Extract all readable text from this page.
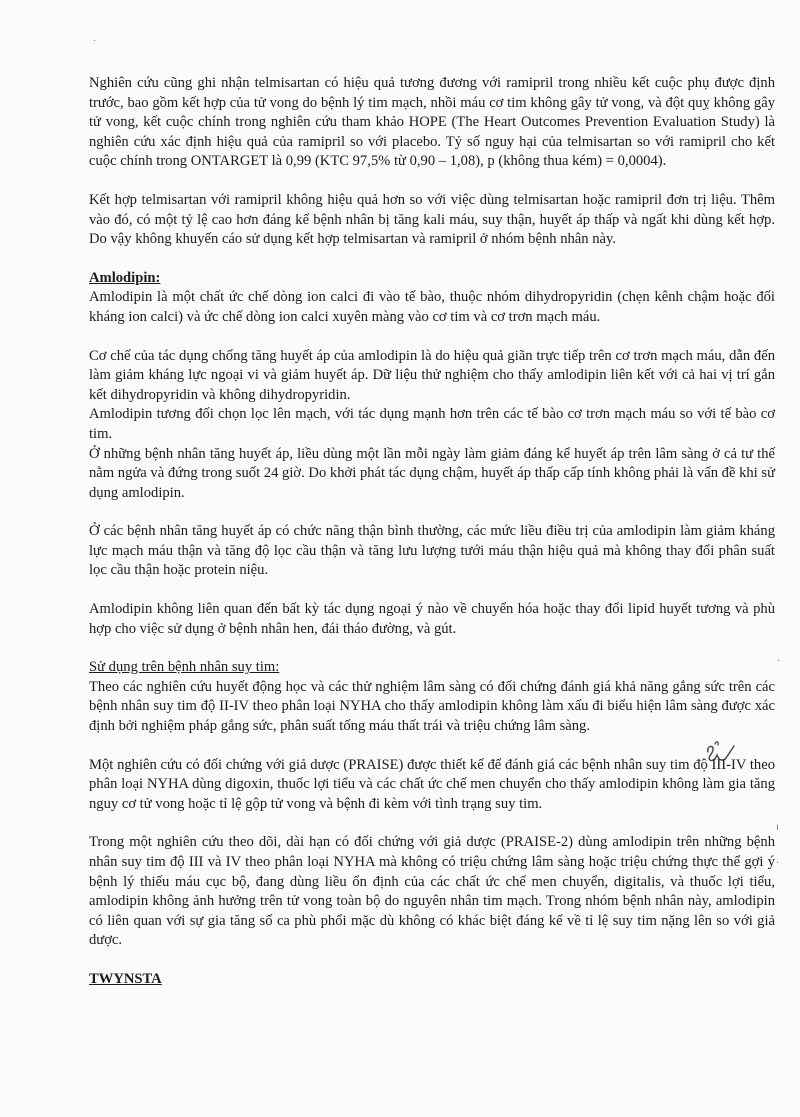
·
·
ı
·

Nghiên cứu cũng ghi nhận telmisartan có hiệu quả tương đương với ramipril trong nhiều kết cuộc phụ được định trước, bao gồm kết hợp của tử vong do bệnh lý tim mạch, nhồi máu cơ tim không gây tử vong, và đột quỵ không gây tử vong, kết cuộc chính trong nghiên cứu tham khảo HOPE (The Heart Outcomes Prevention Evaluation Study) là nghiên cứu xác định hiệu quả của ramipril so với placebo. Tỷ số nguy hại của telmisartan so với ramipril cho kết cuộc chính trong ONTARGET là 0,99 (KTC 97,5% từ 0,90 – 1,08), p (không thua kém) = 0,0004).

Kết hợp telmisartan với ramipril không hiệu quả hơn so với việc dùng telmisartan hoặc ramipril đơn trị liệu. Thêm vào đó, có một tỷ lệ cao hơn đáng kể bệnh nhân bị tăng kali máu, suy thận, huyết áp thấp và ngất khi dùng kết hợp. Do vậy không khuyến cáo sử dụng kết hợp telmisartan và ramipril ở nhóm bệnh nhân này.

Amlodipin:

Amlodipin là một chất ức chế dòng ion calci đi vào tế bào, thuộc nhóm dihydropyridin (chẹn kênh chậm hoặc đối kháng ion calci) và ức chế dòng ion calci xuyên màng vào cơ tim và cơ trơn mạch máu.

Cơ chế của tác dụng chống tăng huyết áp của amlodipin là do hiệu quả giãn trực tiếp trên cơ trơn mạch máu, dẫn đến làm giảm kháng lực ngoại vi và giảm huyết áp. Dữ liệu thử nghiệm cho thấy amlodipin liên kết với cả hai vị trí gắn kết dihydropyridin và không dihydropyridin.

Amlodipin tương đối chọn lọc lên mạch, với tác dụng mạnh hơn trên các tế bào cơ trơn mạch máu so với tế bào cơ tim.

Ở những bệnh nhân tăng huyết áp, liều dùng một lần mỗi ngày làm giảm đáng kể huyết áp trên lâm sàng ở cả tư thế nằm ngửa và đứng trong suốt 24 giờ. Do khởi phát tác dụng chậm, huyết áp thấp cấp tính không phải là vấn đề khi sử dụng amlodipin.

Ở các bệnh nhân tăng huyết áp có chức năng thận bình thường, các mức liều điều trị của amlodipin làm giảm kháng lực mạch máu thận và tăng độ lọc cầu thận và tăng lưu lượng tưới máu thận hiệu quả mà không thay đổi phân suất lọc cầu thận hoặc protein niệu.

Amlodipin không liên quan đến bất kỳ tác dụng ngoại ý nào về chuyển hóa hoặc thay đổi lipid huyết tương và phù hợp cho việc sử dụng ở bệnh nhân hen, đái tháo đường, và gút.

Sử dụng trên bệnh nhân suy tim:

Theo các nghiên cứu huyết động học và các thử nghiệm lâm sàng có đối chứng đánh giá khả năng gắng sức trên các bệnh nhân suy tim độ II-IV theo phân loại NYHA cho thấy amlodipin không làm xấu đi biểu hiện lâm sàng được xác định bởi nghiệm pháp gắng sức, phân suất tống máu thất trái và triệu chứng lâm sàng.

Một nghiên cứu có đối chứng với giả dược (PRAISE) được thiết kế để đánh giá các bệnh nhân suy tim độ III-IV theo phân loại NYHA dùng digoxin, thuốc lợi tiểu và các chất ức chế men chuyển cho thấy amlodipin không làm gia tăng nguy cơ tử vong hoặc tỉ lệ gộp tử vong và bệnh đi kèm với tình trạng suy tim.

Trong một nghiên cứu theo dõi, dài hạn có đối chứng với giả dược (PRAISE-2) dùng amlodipin trên những bệnh nhân suy tim độ III và IV theo phân loại NYHA mà không có triệu chứng lâm sàng hoặc triệu chứng thực thể gợi ý bệnh lý thiếu máu cục bộ, đang dùng liều ổn định của các chất ức chế men chuyển, digitalis, và thuốc lợi tiểu, amlodipin không ảnh hưởng trên tử vong toàn bộ do nguyên nhân tim mạch. Trong nhóm bệnh nhân này, amlodipin có liên quan với sự gia tăng số ca phù phổi mặc dù không có khác biệt đáng kể về tỉ lệ suy tim nặng lên so với giả dược.

TWYNSTA
